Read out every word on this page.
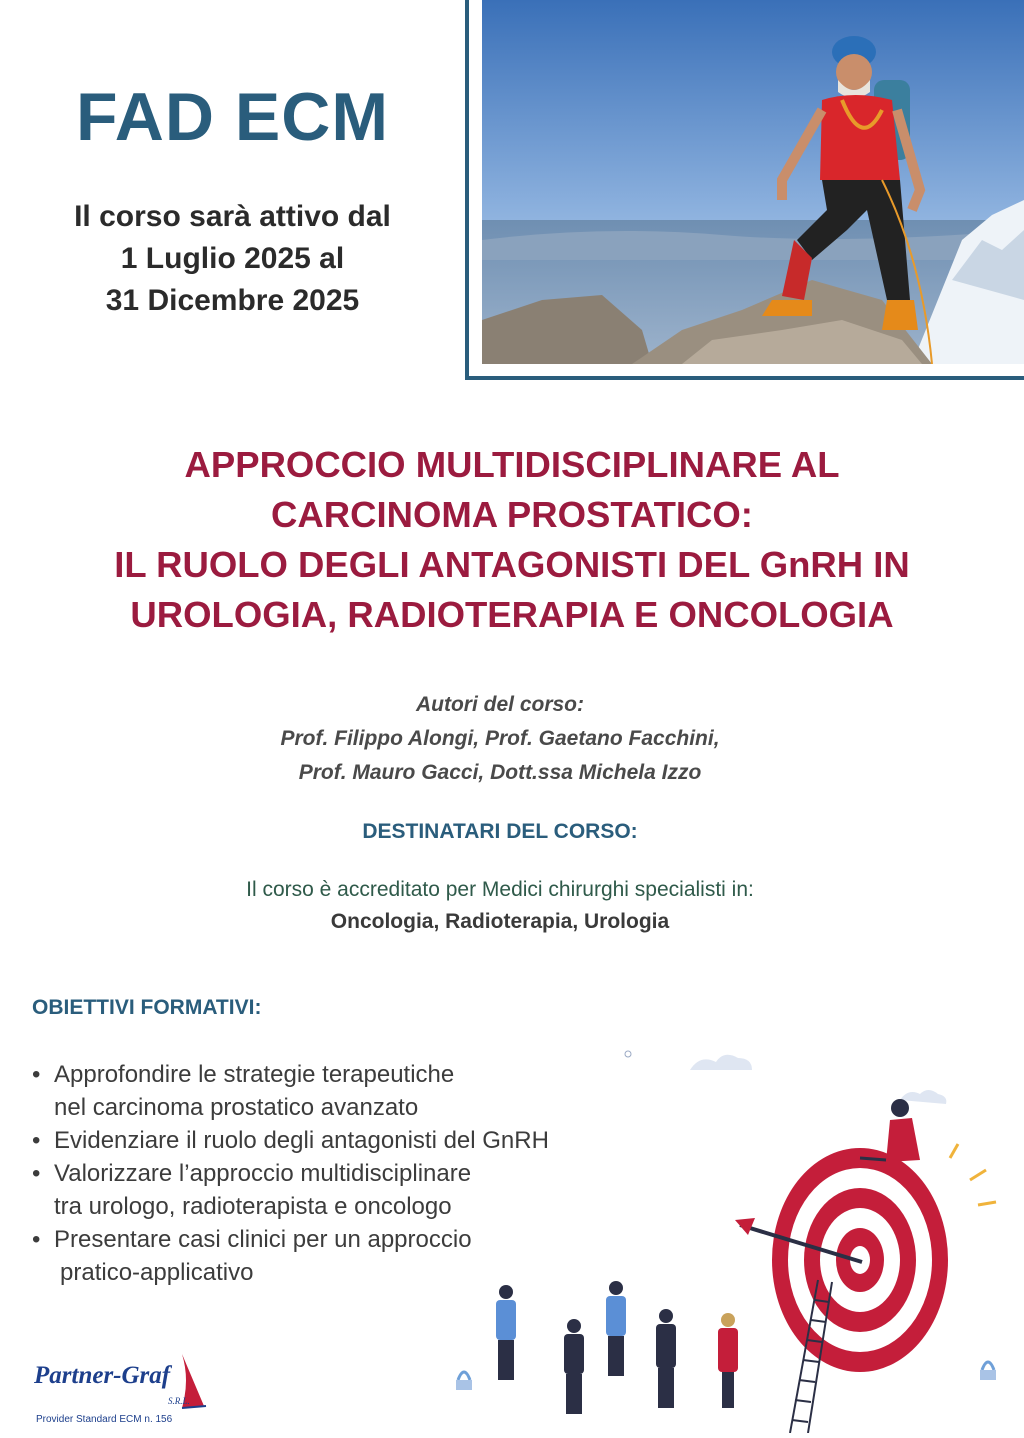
FAD ECM
Il corso sarà attivo dal
1 Luglio 2025 al
31 Dicembre 2025
APPROCCIO MULTIDISCIPLINARE AL
CARCINOMA PROSTATICO:
IL RUOLO DEGLI ANTAGONISTI DEL GnRH IN
UROLOGIA, RADIOTERAPIA E ONCOLOGIA
Autori del corso:
Prof. Filippo Alongi, Prof. Gaetano Facchini,
Prof. Mauro Gacci, Dott.ssa Michela Izzo
DESTINATARI DEL CORSO:
Il corso è accreditato per Medici chirurghi specialisti in:
Oncologia, Radioterapia, Urologia
OBIETTIVI FORMATIVI:
• Approfondire le strategie terapeutiche
nel carcinoma prostatico avanzato
• Evidenziare il ruolo degli antagonisti del GnRH
• Valorizzare l’approccio multidisciplinare
tra urologo, radioterapista e oncologo
• Presentare casi clinici per un approccio
pratico-applicativo
Partner-Graf
S.R.L.
Provider Standard ECM n. 156
